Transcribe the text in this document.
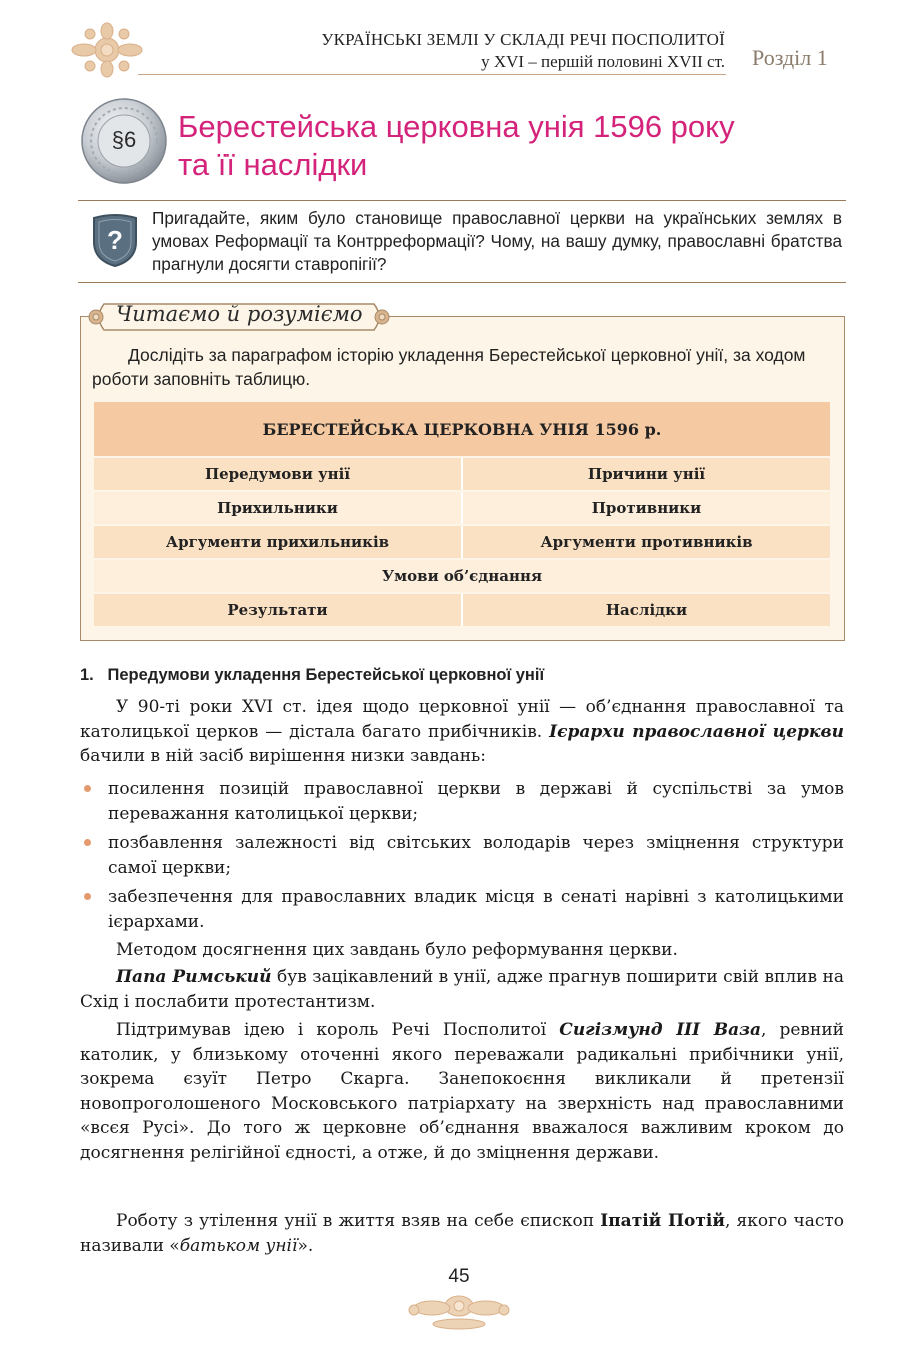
УКРАЇНСЬКІ ЗЕМЛІ У СКЛАДІ РЕЧІ ПОСПОЛИТОЇ
у XVI – першій половині XVII ст. Розділ 1
§6	Берестейська церковна унія 1596 року
та її наслідки
?
Пригадайте, яким було становище православної церкви на українських землях в умовах Реформації та Контрреформації? Чому, на вашу думку, православні братства прагнули досягти ставропігії?
Читаємо й розуміємо
Дослідіть за параграфом історію укладення Берестейської церковної унії, за ходом роботи заповніть таблицю.
БЕРЕСТЕЙСЬКА ЦЕРКОВНА УНІЯ 1596 р.
Передумови унії	Причини унії
Прихильники	Противники
Аргументи прихильників	Аргументи противників
Умови об’єднання
Результати	Наслідки
1.   Передумови укладення Берестейської церковної унії
У 90-ті роки XVI ст. ідея щодо церковної унії — об’єднання православної та католицької церков — дістала багато прибічників. Ієрархи православної церкви бачили в ній засіб вирішення низки завдань:
посилення позицій православної церкви в державі й суспільстві за умов переважання католицької церкви;
позбавлення залежності від світських володарів через зміцнення структури самої церкви;
забезпечення для православних владик місця в сенаті нарівні з католицькими ієрархами.
Методом досягнення цих завдань було реформування церкви.
Папа Римський був зацікавлений в унії, адже прагнув поширити свій вплив на Схід і послабити протестантизм.
Підтримував ідею і король Речі Посполитої Сигізмунд III Ваза, ревний католик, у близькому оточенні якого переважали радикальні прибічники унії, зокрема єзуїт Петро Скарга. Занепокоєння викликали й претензії новопроголошеного Московського патріархату на зверхність над православними «всєя Русі». До того ж церковне об’єднання вважалося важливим кроком до досягнення релігійної єдності, а отже, й до зміцнення держави.
Роботу з утілення унії в життя взяв на себе єпископ Іпатій Потій, якого часто називали «батьком унії».
45
